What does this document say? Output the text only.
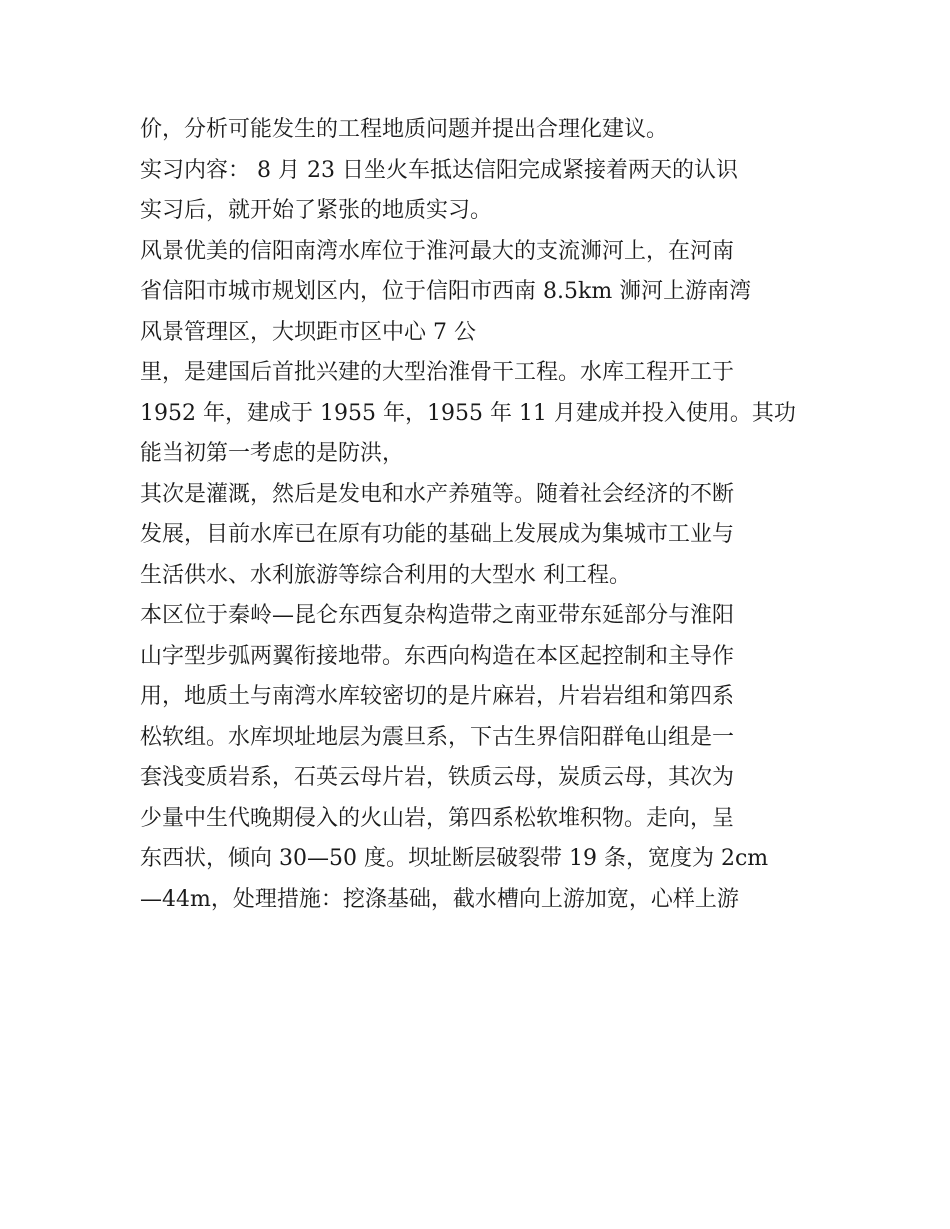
价，分析可能发生的工程地质问题并提出合理化建议。

实习内容： 8 月 23 日坐火车抵达信阳完成紧接着两天的认识

实习后，就开始了紧张的地质实习。

风景优美的信阳南湾水库位于淮河最大的支流浉河上，在河南

省信阳市城市规划区内，位于信阳市西南 8.5km 浉河上游南湾

风景管理区，大坝距市区中心 7 公

里，是建国后首批兴建的大型治淮骨干工程。水库工程开工于

1952 年，建成于 1955 年，1955 年 11 月建成并投入使用。其功

能当初第一考虑的是防洪，

其次是灌溉，然后是发电和水产养殖等。随着社会经济的不断

发展，目前水库已在原有功能的基础上发展成为集城市工业与

生活供水、水利旅游等综合利用的大型水 利工程。

本区位于秦岭—昆仑东西复杂构造带之南亚带东延部分与淮阳

山字型步弧两翼衔接地带。东西向构造在本区起控制和主导作

用，地质土与南湾水库较密切的是片麻岩，片岩岩组和第四系

松软组。水库坝址地层为震旦系，下古生界信阳群龟山组是一

套浅变质岩系，石英云母片岩，铁质云母，炭质云母，其次为

少量中生代晚期侵入的火山岩，第四系松软堆积物。走向，呈

东西状，倾向 30—50 度。坝址断层破裂带 19 条，宽度为 2cm

—44m，处理措施：挖涤基础，截水槽向上游加宽，心样上游
